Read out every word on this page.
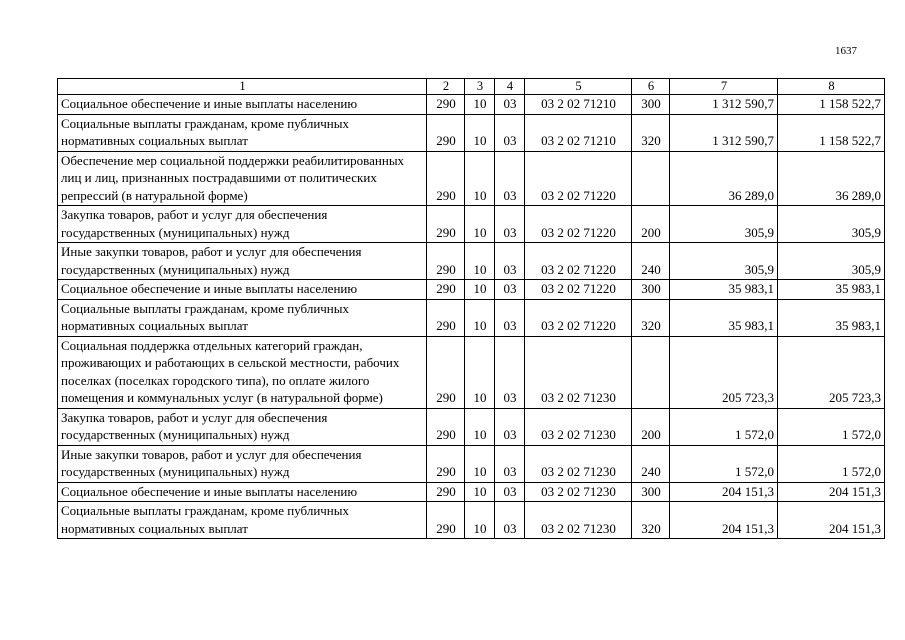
1637
1	2	3	4	5	6	7	8
Социальное обеспечение и иные выплаты населению	290	10	03	03 2 02 71210	300	1 312 590,7	1 158 522,7
Социальные выплаты гражданам, кроме публичных нормативных социальных выплат	290	10	03	03 2 02 71210	320	1 312 590,7	1 158 522,7
Обеспечение мер социальной поддержки реабилитированных лиц и лиц, признанных пострадавшими от политических репрессий (в натуральной форме)	290	10	03	03 2 02 71220		36 289,0	36 289,0
Закупка товаров, работ и услуг для обеспечения государственных (муниципальных) нужд	290	10	03	03 2 02 71220	200	305,9	305,9
Иные закупки товаров, работ и услуг для обеспечения государственных (муниципальных) нужд	290	10	03	03 2 02 71220	240	305,9	305,9
Социальное обеспечение и иные выплаты населению	290	10	03	03 2 02 71220	300	35 983,1	35 983,1
Социальные выплаты гражданам, кроме публичных нормативных социальных выплат	290	10	03	03 2 02 71220	320	35 983,1	35 983,1
Социальная поддержка отдельных категорий граждан, проживающих и работающих в сельской местности, рабочих поселках (поселках городского типа), по оплате жилого помещения и коммунальных услуг (в натуральной форме)	290	10	03	03 2 02 71230		205 723,3	205 723,3
Закупка товаров, работ и услуг для обеспечения государственных (муниципальных) нужд	290	10	03	03 2 02 71230	200	1 572,0	1 572,0
Иные закупки товаров, работ и услуг для обеспечения государственных (муниципальных) нужд	290	10	03	03 2 02 71230	240	1 572,0	1 572,0
Социальное обеспечение и иные выплаты населению	290	10	03	03 2 02 71230	300	204 151,3	204 151,3
Социальные выплаты гражданам, кроме публичных нормативных социальных выплат	290	10	03	03 2 02 71230	320	204 151,3	204 151,3
